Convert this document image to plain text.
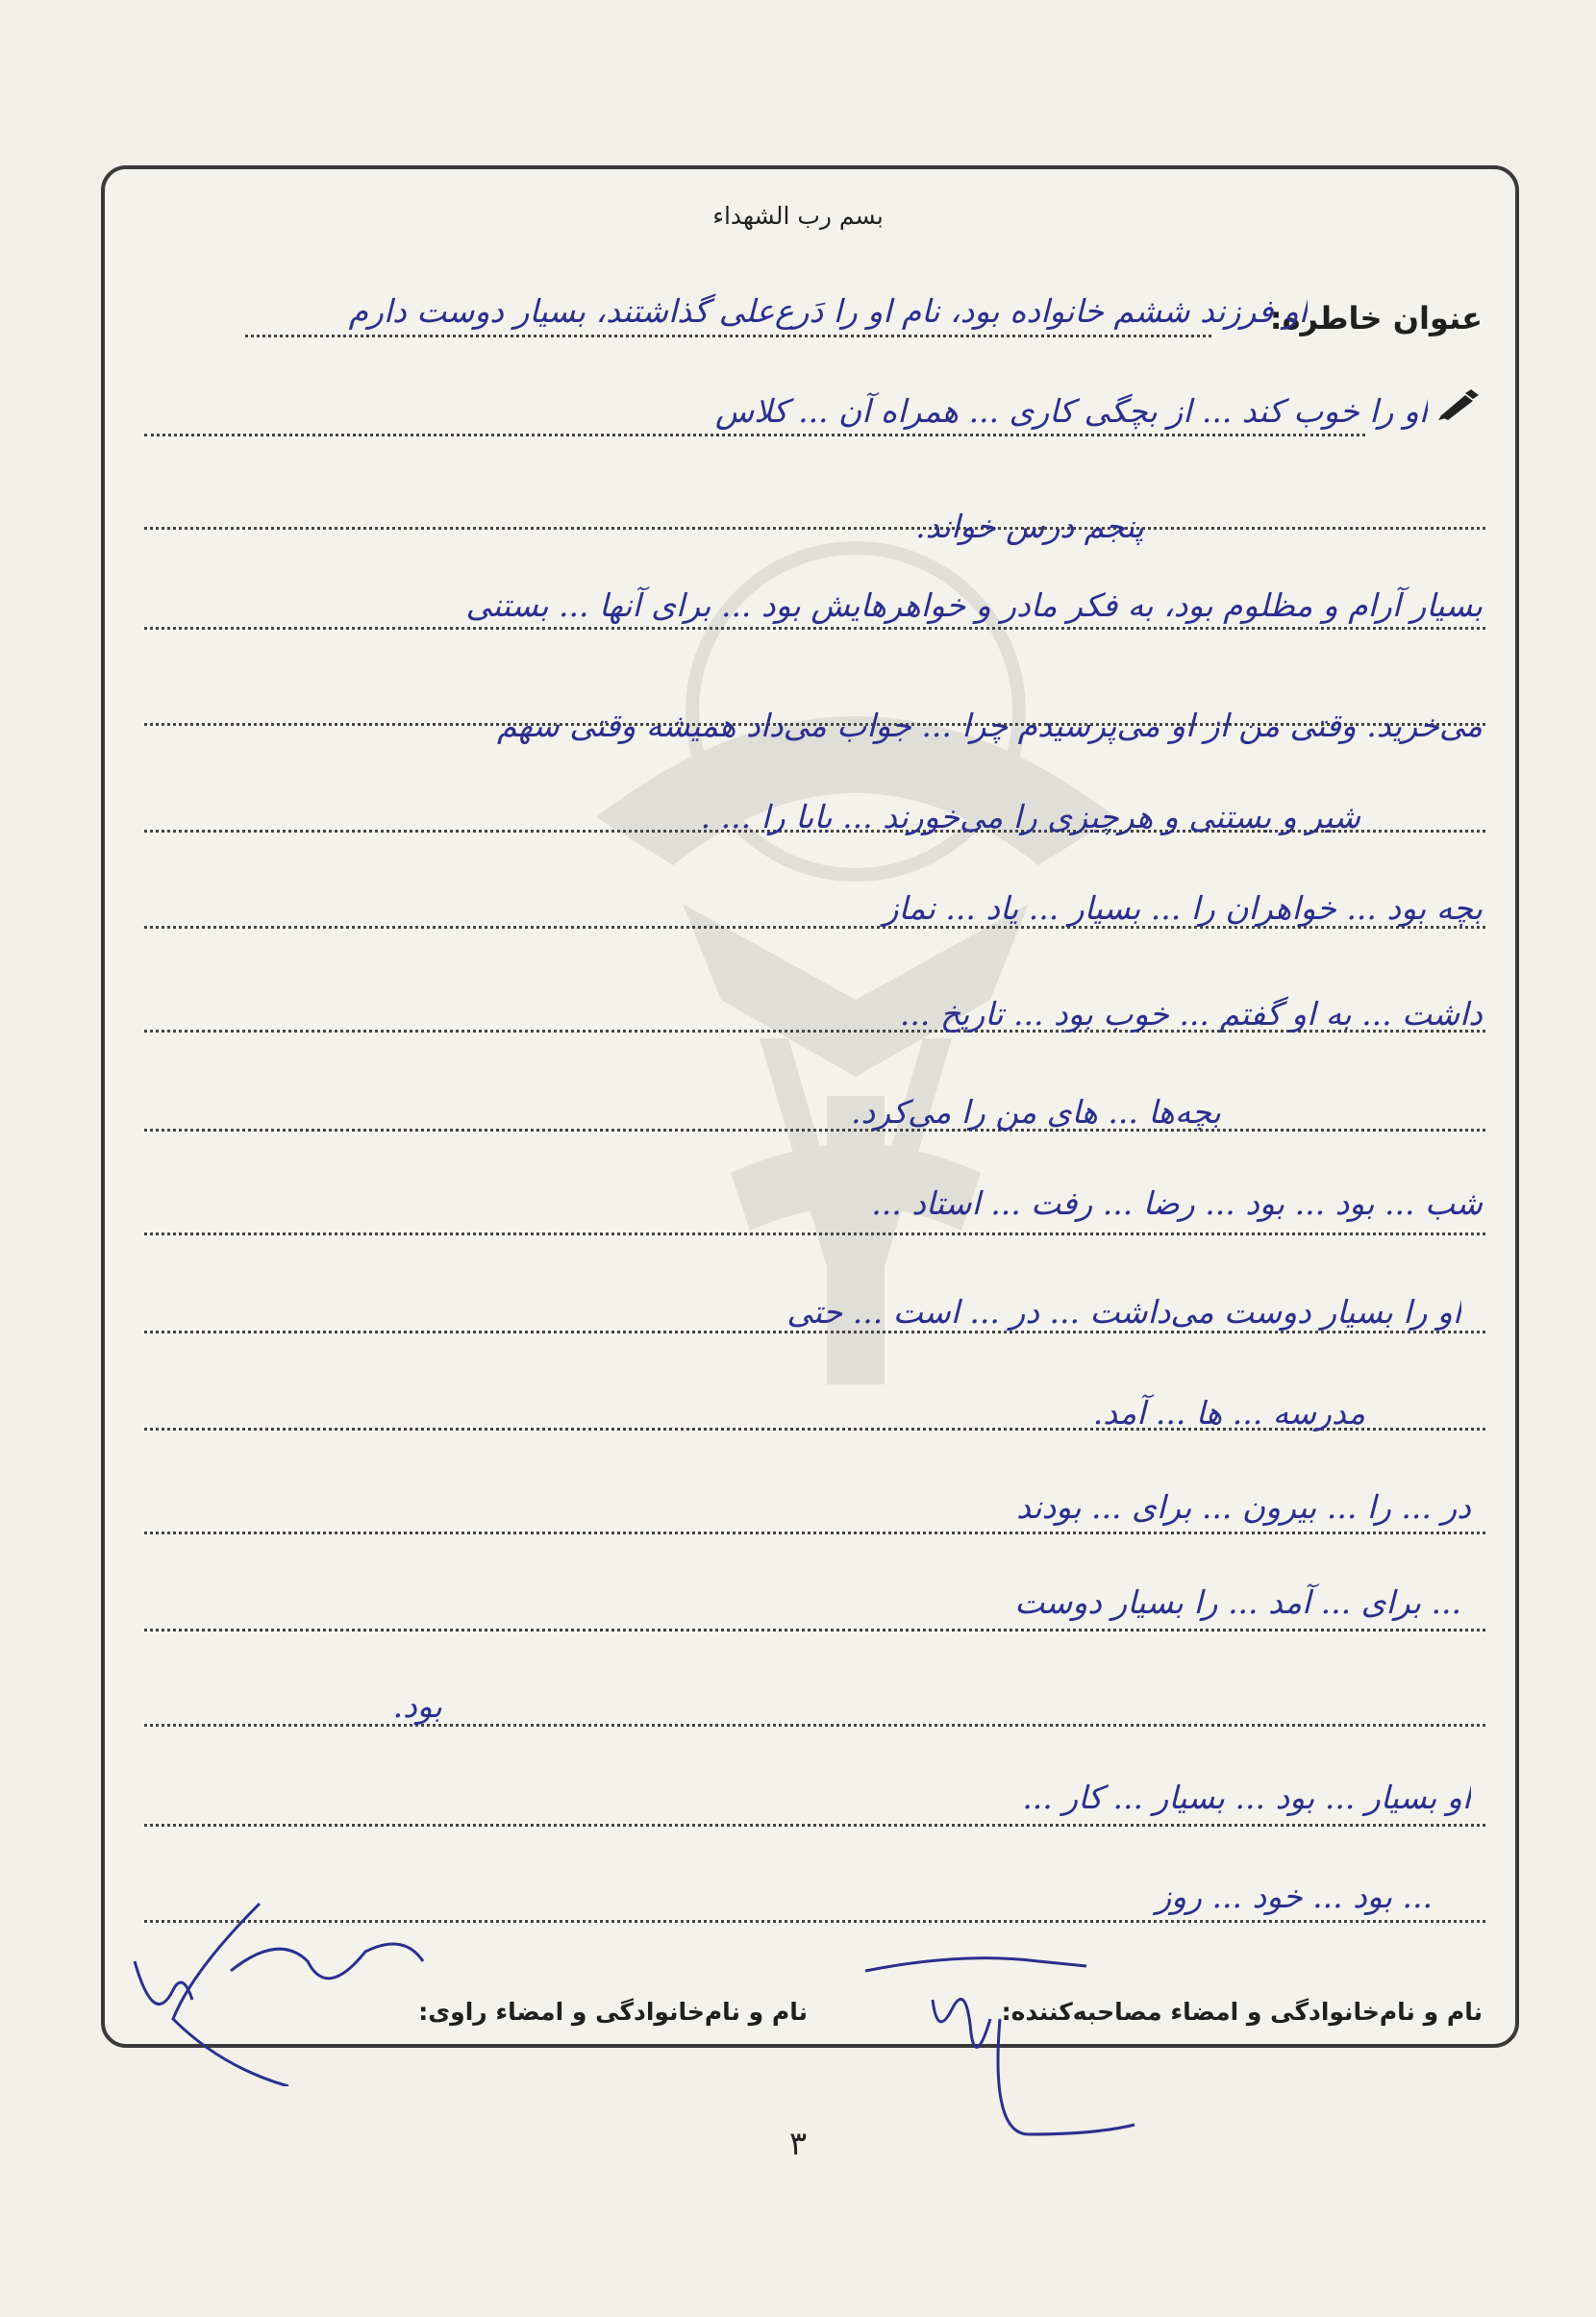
بسم رب الشهداء
عنوان خاطره:
او فرزند ششم خانواده بود، نام او را دَرع‌علی گذاشتند، بسیار دوست دارم
او را خوب کند ... از بچگی کاری ... همراه آن ... کلاس
پنجم درس خواند.
بسیار آرام و مظلوم بود، به فکر مادر و خواهرهایش بود ... برای آنها ... بستنی
می‌خرید. وقتی من از او می‌پرسیدم چرا ... جواب می‌داد همیشه وقتی سهم
شیر و بستنی و هرچیزی را می‌خورند ... بابا را ... .
بچه بود ... خواهران را ... بسیار ... یاد ... نماز
داشت ... به او گفتم ... خوب بود ... تاریخ ...
بچه‌ها ... های من را می‌کرد.
شب ... بود ... بود ... رضا ... رفت ... استاد ...
او را بسیار دوست می‌داشت ... در ... است ... حتی
مدرسه ... ها ... آمد.
در ... را ... بیرون ... برای ... بودند
... برای ... آمد ... را بسیار دوست
بود.
او بسیار ... بود ... بسیار ... کار ...
... بود ... خود ... روز
نام و نام‌خانوادگی و امضاء مصاحبه‌کننده:
نام و نام‌خانوادگی و امضاء راوی:
۳
